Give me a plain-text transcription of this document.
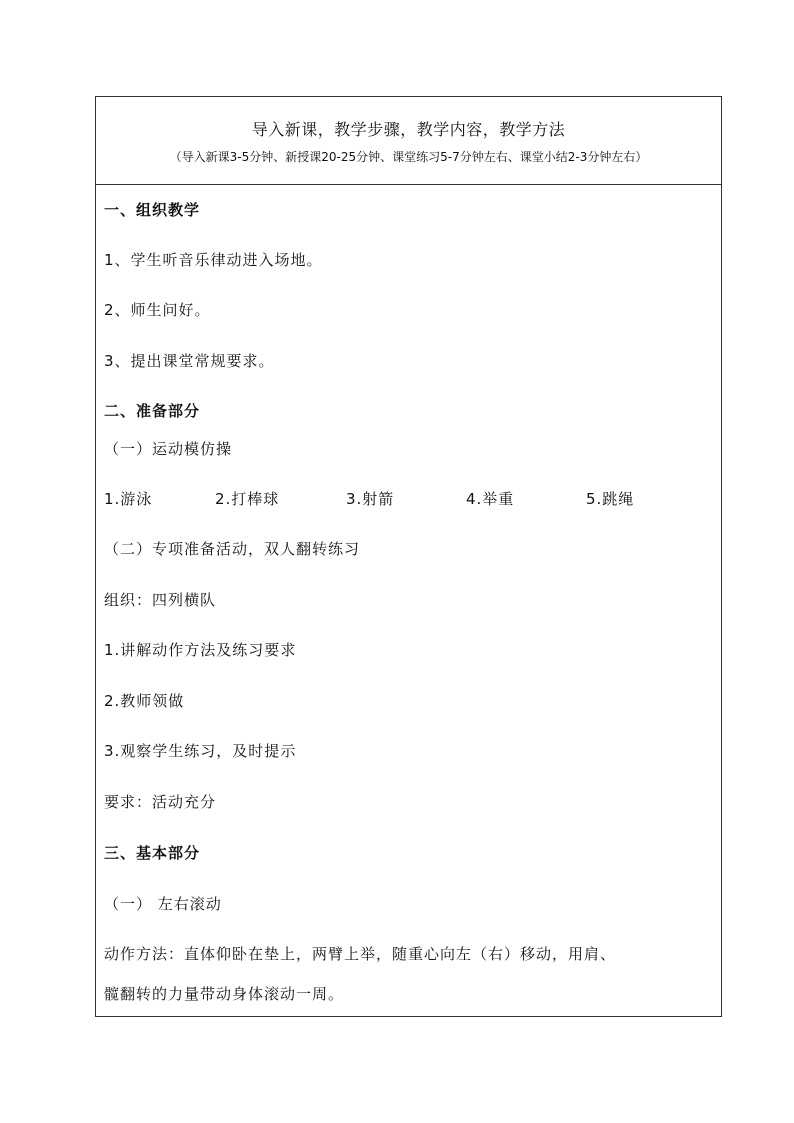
导入新课，教学步骤，教学内容，教学方法
（导入新课3-5分钟、新授课20-25分钟、课堂练习5-7分钟左右、课堂小结2-3分钟左右）
一、组织教学
1、学生听音乐律动进入场地。
2、师生问好。
3、提出课堂常规要求。
二、准备部分
（一）运动模仿操
1.游泳	2.打棒球	3.射箭	4.举重	5.跳绳
（二）专项准备活动，双人翻转练习
组织：四列横队
1.讲解动作方法及练习要求
2.教师领做
3.观察学生练习，及时提示
要求：活动充分
三、基本部分
（一） 左右滚动
动作方法：直体仰卧在垫上，两臂上举，随重心向左（右）移动，用肩、
髋翻转的力量带动身体滚动一周。
